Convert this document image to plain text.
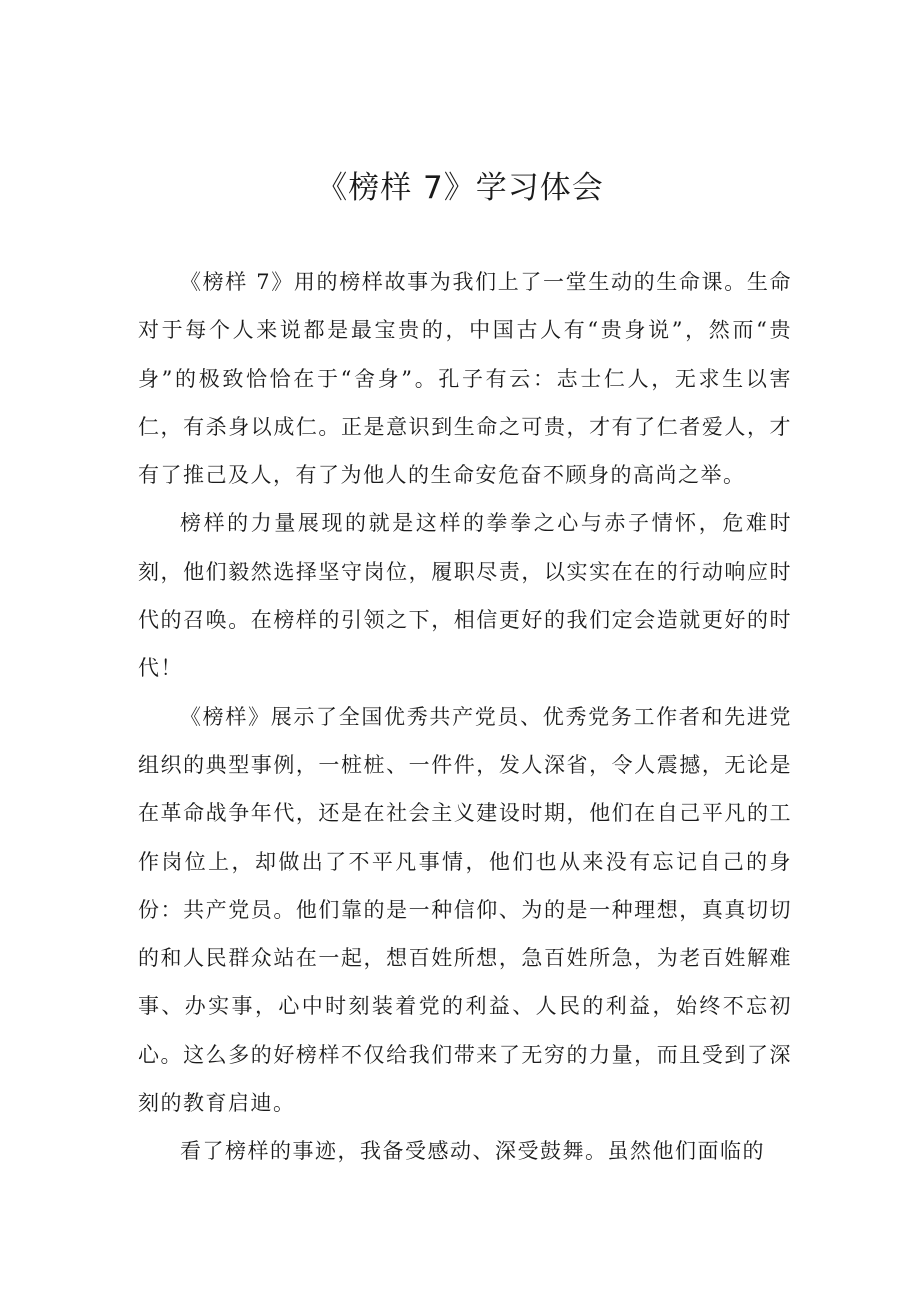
《榜样 7》学习体会

《榜样 7》用的榜样故事为我们上了一堂生动的生命课。生命对于每个人来说都是最宝贵的，中国古人有“贵身说”，然而“贵身”的极致恰恰在于“舍身”。孔子有云：志士仁人，无求生以害仁，有杀身以成仁。正是意识到生命之可贵，才有了仁者爱人，才有了推己及人，有了为他人的生命安危奋不顾身的高尚之举。

榜样的力量展现的就是这样的拳拳之心与赤子情怀，危难时刻，他们毅然选择坚守岗位，履职尽责，以实实在在的行动响应时代的召唤。在榜样的引领之下，相信更好的我们定会造就更好的时代！

《榜样》展示了全国优秀共产党员、优秀党务工作者和先进党组织的典型事例，一桩桩、一件件，发人深省，令人震撼，无论是在革命战争年代，还是在社会主义建设时期，他们在自己平凡的工作岗位上，却做出了不平凡事情，他们也从来没有忘记自己的身份：共产党员。他们靠的是一种信仰、为的是一种理想，真真切切的和人民群众站在一起，想百姓所想，急百姓所急，为老百姓解难事、办实事，心中时刻装着党的利益、人民的利益，始终不忘初心。这么多的好榜样不仅给我们带来了无穷的力量，而且受到了深刻的教育启迪。

看了榜样的事迹，我备受感动、深受鼓舞。虽然他们面临的
